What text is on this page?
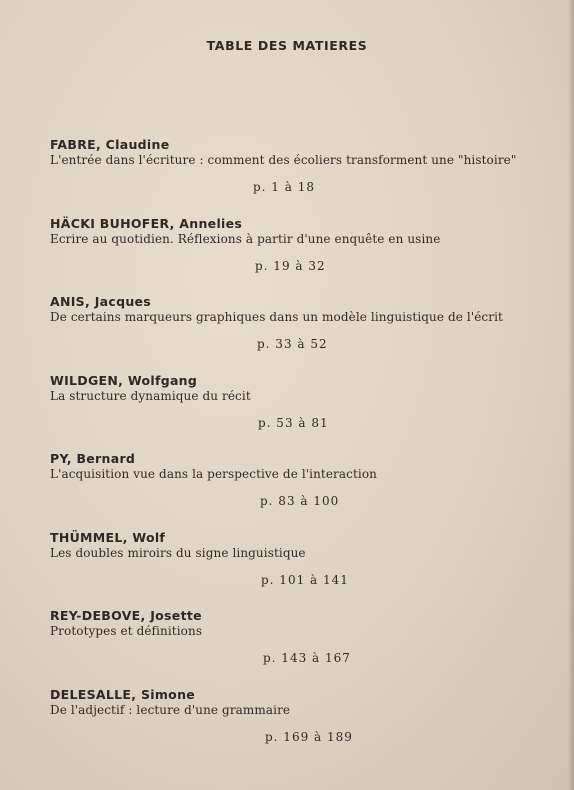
TABLE DES MATIERES
FABRE, Claudine
L'entrée dans l'écriture : comment des écoliers transforment une "histoire"
p. 1 à 18
HÄCKI BUHOFER, Annelies
Ecrire au quotidien. Réflexions à partir d'une enquête en usine
p. 19 à 32
ANIS, Jacques
De certains marqueurs graphiques dans un modèle linguistique de l'écrit
p. 33 à 52
WILDGEN, Wolfgang
La structure dynamique du récit
p. 53 à 81
PY, Bernard
L'acquisition vue dans la perspective de l'interaction
p. 83 à 100
THÜMMEL, Wolf
Les doubles miroirs du signe linguistique
p. 101 à 141
REY-DEBOVE, Josette
Prototypes et définitions
p. 143 à 167
DELESALLE, Simone
De l'adjectif : lecture d'une grammaire
p. 169 à 189
